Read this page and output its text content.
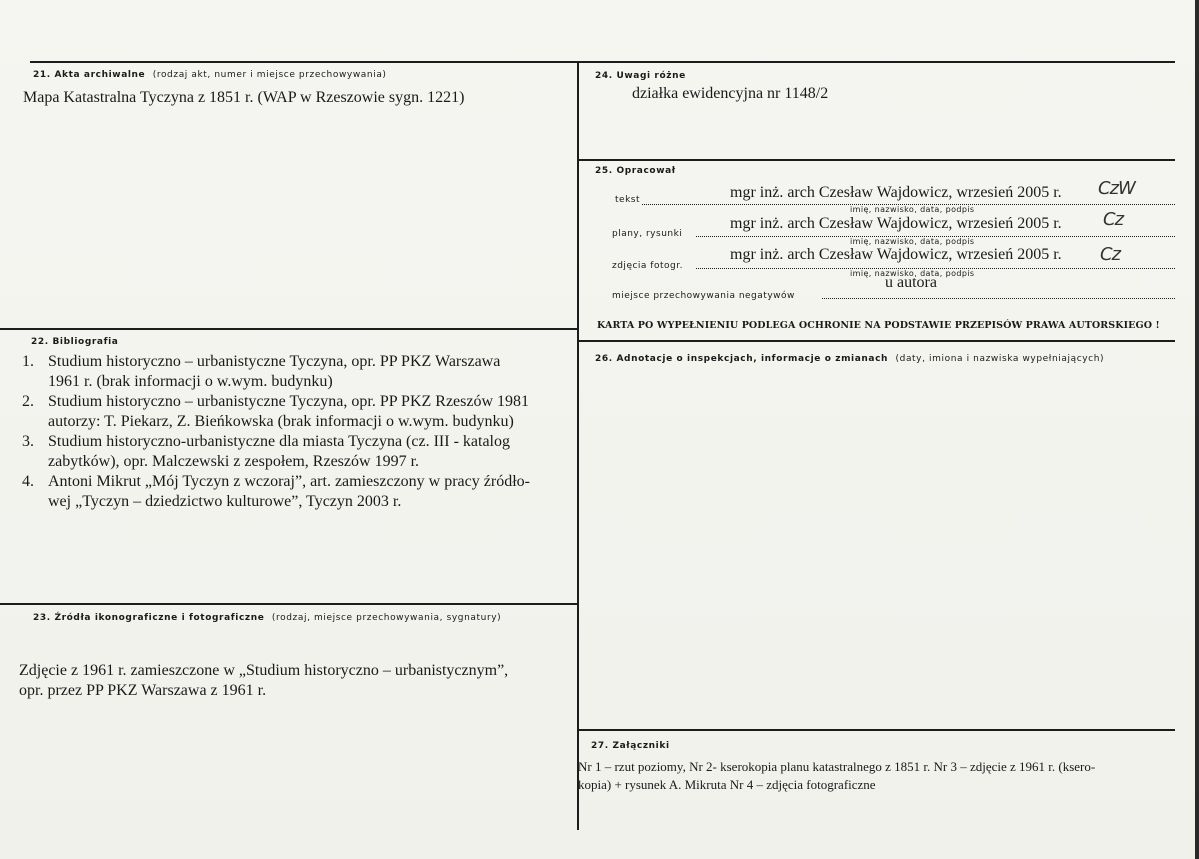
21. Akta archiwalne (rodzaj akt, numer i miejsce przechowywania)
Mapa Katastralna Tyczyna z 1851 r. (WAP w Rzeszowie sygn. 1221)
22. Bibliografia
1. Studium historyczno – urbanistyczne Tyczyna, opr. PP PKZ Warszawa
1961 r. (brak informacji o w.wym. budynku)
2. Studium historyczno – urbanistyczne Tyczyna, opr. PP PKZ Rzeszów 1981
autorzy: T. Piekarz, Z. Bieńkowska (brak informacji o w.wym. budynku)
3. Studium historyczno-urbanistyczne dla miasta Tyczyna (cz. III - katalog
zabytków), opr. Malczewski z zespołem, Rzeszów 1997 r.
4. Antoni Mikrut „Mój Tyczyn z wczoraj”, art. zamieszczony w pracy źródło-
wej „Tyczyn – dziedzictwo kulturowe”, Tyczyn 2003 r.
23. Źródła ikonograficzne i fotograficzne (rodzaj, miejsce przechowywania, sygnatury)
Zdjęcie z 1961 r. zamieszczone w „Studium historyczno – urbanistycznym”,
opr. przez PP PKZ Warszawa z 1961 r.
24. Uwagi różne
działka ewidencyjna nr 1148/2
25. Opracował
tekst	mgr inż. arch Czesław Wajdowicz, wrzesień 2005 r. CzW
imię, nazwisko, data, podpis
plany, rysunki
mgr inż. arch Czesław Wajdowicz, wrzesień 2005 r. Cz
imię, nazwisko, data, podpis
zdjęcia fotogr.
mgr inż. arch Czesław Wajdowicz, wrzesień 2005 r. Cz
imię, nazwisko, data, podpis
u autora
miejsce przechowywania negatywów
KARTA PO WYPEŁNIENIU PODLEGA OCHRONIE NA PODSTAWIE PRZEPISÓW PRAWA AUTORSKIEGO !
26. Adnotacje o inspekcjach, informacje o zmianach (daty, imiona i nazwiska wypełniających)
27. Załączniki
Nr 1 – rzut poziomy, Nr 2- kserokopia planu katastralnego z 1851 r. Nr 3 – zdjęcie z 1961 r. (ksero-
kopia) + rysunek A. Mikruta Nr 4 – zdjęcia fotograficzne
